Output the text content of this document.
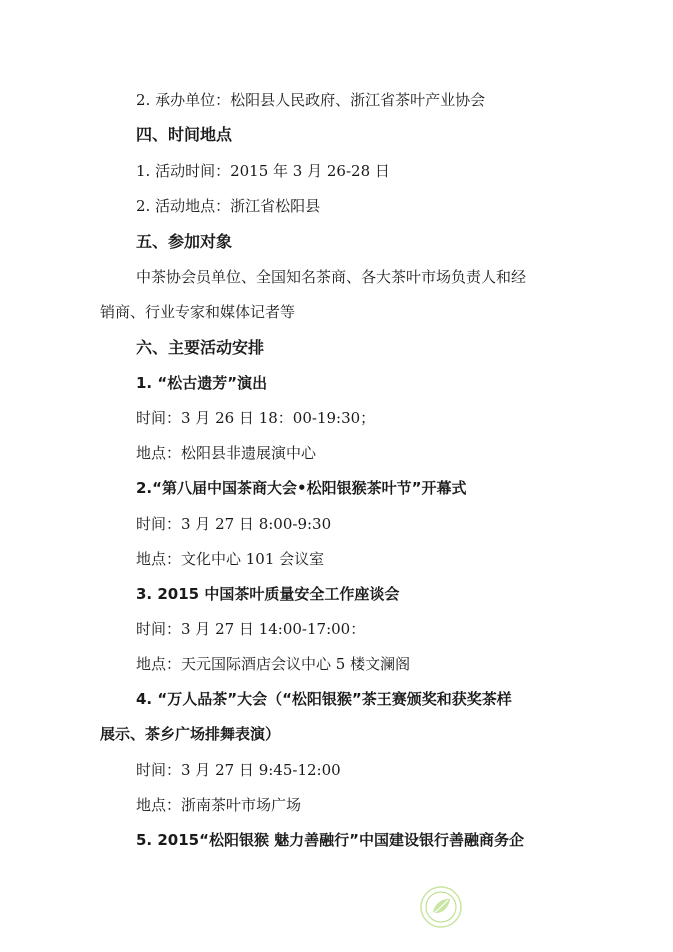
2. 承办单位：松阳县人民政府、浙江省茶叶产业协会
四、时间地点
1. 活动时间：2015 年 3 月 26-28 日
2. 活动地点：浙江省松阳县
五、参加对象
中茶协会员单位、全国知名茶商、各大茶叶市场负责人和经
销商、行业专家和媒体记者等
六、主要活动安排
1. “松古遗芳”演出
时间：3 月 26 日 18：00-19:30；
地点：松阳县非遗展演中心
2.“第八届中国茶商大会•松阳银猴茶叶节”开幕式
时间：3 月 27 日 8:00-9:30
地点：文化中心 101 会议室
3. 2015 中国茶叶质量安全工作座谈会
时间：3 月 27 日 14:00-17:00：
地点：天元国际酒店会议中心 5 楼文澜阁
4. “万人品茶”大会（“松阳银猴”茶王赛颁奖和获奖茶样
展示、茶乡广场排舞表演）
时间：3 月 27 日 9:45-12:00
地点：浙南茶叶市场广场
5. 2015“松阳银猴 魅力善融行”中国建设银行善融商务企
